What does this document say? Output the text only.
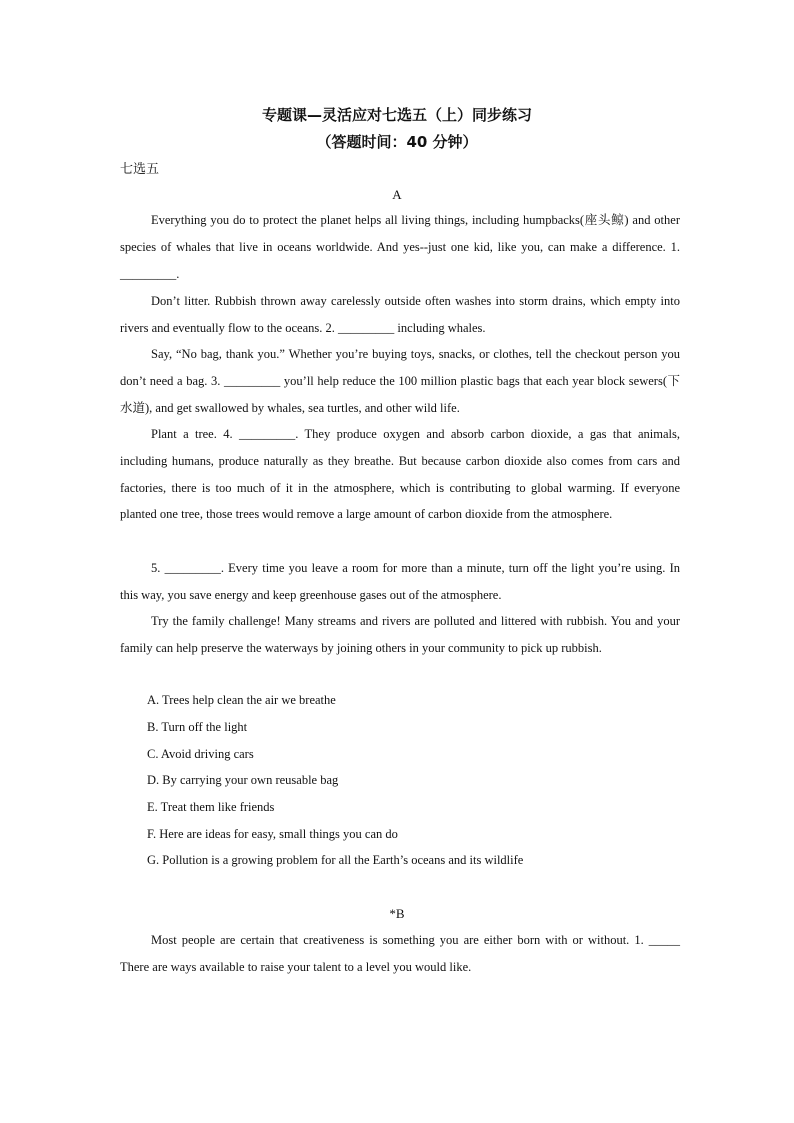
专题课—灵活应对七选五（上）同步练习
（答题时间：40 分钟）
七选五
A

Everything you do to protect the planet helps all living things, including humpbacks(座头鲸) and other species of whales that live in oceans worldwide. And yes--just one kid, like you, can make a difference. 1. _________.

Don’t litter. Rubbish thrown away carelessly outside often washes into storm drains, which empty into rivers and eventually flow to the oceans. 2. _________ including whales.

Say, “No bag, thank you.” Whether you’re buying toys, snacks, or clothes, tell the checkout person you don’t need a bag. 3. _________ you’ll help reduce the 100 million plastic bags that each year block sewers(下水道), and get swallowed by whales, sea turtles, and other wild life.

Plant a tree. 4. _________. They produce oxygen and absorb carbon dioxide, a gas that animals, including humans, produce naturally as they breathe. But because carbon dioxide also comes from cars and factories, there is too much of it in the atmosphere, which is contributing to global warming. If everyone planted one tree, those trees would remove a large amount of carbon dioxide from the atmosphere.

5. _________. Every time you leave a room for more than a minute, turn off the light you’re using. In this way, you save energy and keep greenhouse gases out of the atmosphere.

Try the family challenge! Many streams and rivers are polluted and littered with rubbish. You and your family can help preserve the waterways by joining others in your community to pick up rubbish.

A. Trees help clean the air we breathe
B. Turn off the light
C. Avoid driving cars
D. By carrying your own reusable bag
E. Treat them like friends
F. Here are ideas for easy, small things you can do
G. Pollution is a growing problem for all the Earth’s oceans and its wildlife
*B

Most people are certain that creativeness is something you are either born with or without. 1. _____ There are ways available to raise your talent to a level you would like.
